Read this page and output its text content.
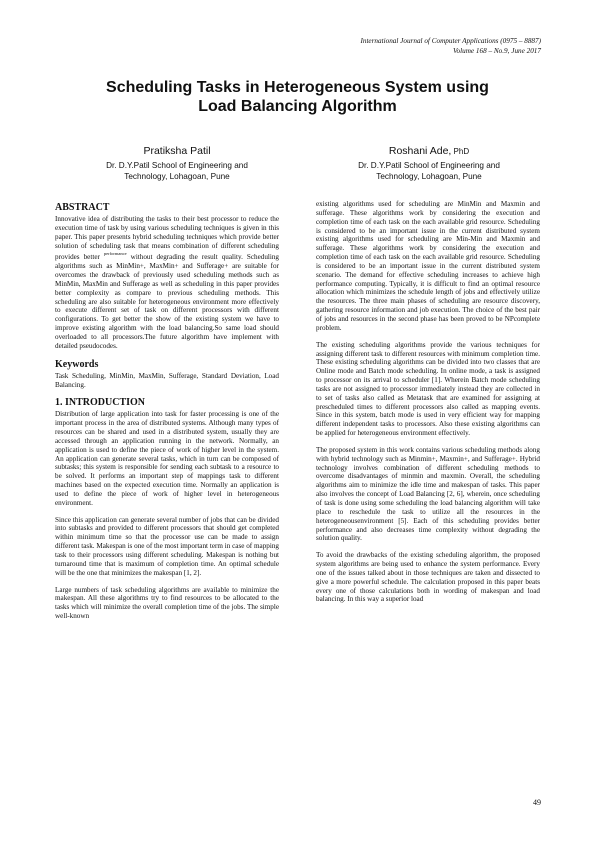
International Journal of Computer Applications (0975 – 8887)
Volume 168 – No.9, June 2017
Scheduling Tasks in Heterogeneous System using
Load Balancing Algorithm
Pratiksha Patil
Dr. D.Y.Patil School of Engineering and
Technology, Lohagoan, Pune
Roshani Ade, PhD
Dr. D.Y.Patil School of Engineering and
Technology, Lohagoan, Pune
ABSTRACT

Innovative idea of distributing the tasks to their best processor to reduce the execution time of task by using various scheduling techniques is given in this paper. This paper presents hybrid scheduling techniques which provide better solution of scheduling task that means combination of different scheduling provides better $^{performance}$ without degrading the result quality. Scheduling algorithms such as MinMin+, MaxMin+ and Sufferage+ are suitable for overcomes the drawback of previously used scheduling methods such as MinMin, MaxMin and Sufferage as well as scheduling in this paper provides better complexity as compare to previous scheduling methods. This scheduling are also suitable for heterogeneous environment more effectively to execute different set of task on different processors with different configurations. To get better the show of the existing system we have to improve existing algorithm with the load balancing.So same load should overloaded to all processors.The future algorithm have implement with detailed pseudocodes.

Keywords

Task Scheduling, MinMin, MaxMin, Sufferage, Standard Deviation, Load Balancing.

1. INTRODUCTION

Distribution of large application into task for faster processing is one of the important process in the area of distributed systems. Although many types of resources can be shared and used in a distributed system, usually they are accessed through an application running in the network. Normally, an application is used to define the piece of work of higher level in the system. An application can generate several tasks, which in turn can be composed of subtasks; this system is responsible for sending each subtask to a resource to be solved. It performs an important step of mappings task to different machines based on the expected execution time. Normally an application is used to define the piece of work of higher level in heterogeneous environment.

Since this application can generate several number of jobs that can be divided into subtasks and provided to different processors that should get completed within minimum time so that the processor use can be made to assign different task. Makespan is one of the most important term in case of mapping task to their processors using different scheduling. Makespan is nothing but turnaround time that is maximum of completion time. An optimal schedule will be the one that minimizes the makespan [1, 2].

Large numbers of task scheduling algorithms are available to minimize the makespan. All these algorithms try to find resources to be allocated to the tasks which will minimize the overall completion time of the jobs. The simple well-known

existing algorithms used for scheduling are MinMin and Maxmin and sufferage. These algorithms work by considering the execution and completion time of each task on the each available grid resource. Scheduling is considered to be an important issue in the current distributed system existing algorithms used for scheduling are Min-Min and Maxmin and sufferage. These algorithms work by considering the execution and completion time of each task on the each available grid resource. Scheduling is considered to be an important issue in the current distributed system scenario. The demand for effective scheduling increases to achieve high performance computing. Typically, it is difficult to find an optimal resource allocation which minimizes the schedule length of jobs and effectively utilize the resources. The three main phases of scheduling are resource discovery, gathering resource information and job execution. The choice of the best pair of jobs and resources in the second phase has been proved to be NPcomplete problem.

The existing scheduling algorithms provide the various techniques for assigning different task to different resources with minimum completion time. These existing scheduling algorithms can be divided into two classes that are Online mode and Batch mode scheduling. In online mode, a task is assigned to processor on its arrival to scheduler [1]. Wherein Batch mode scheduling tasks are not assigned to processor immediately instead they are collected in to set of tasks also called as Metatask that are examined for assigning at prescheduled times to different processors also called as mapping events. Since in this system, batch mode is used in very efficient way for mapping different independent tasks to processors. Also these existing algorithms can be applied for heterogeneous environment effectively.

The proposed system in this work contains various scheduling methods along with hybrid technology such as Minmin+, Maxmin+, and Sufferage+. Hybrid technology involves combination of different scheduling methods to overcome disadvantages of minmin and maxmin. Overall, the scheduling algorithms aim to minimize the idle time and makespan of tasks. This paper also involves the concept of Load Balancing [2, 6], wherein, once scheduling of task is done using some scheduling the load balancing algorithm will take place to reschedule the task to utilize all the resources in the heterogeneousenvironment [5]. Each of this scheduling provides better performance and also decreases time complexity without degrading the solution quality.

To avoid the drawbacks of the existing scheduling algorithm, the proposed system algorithms are being used to enhance the system performance. Every one of the issues talked about in those techniques are taken and dissected to give a more powerful schedule. The calculation proposed in this paper beats every one of those calculations both in wording of makespan and load balancing. In this way a superior load

49
